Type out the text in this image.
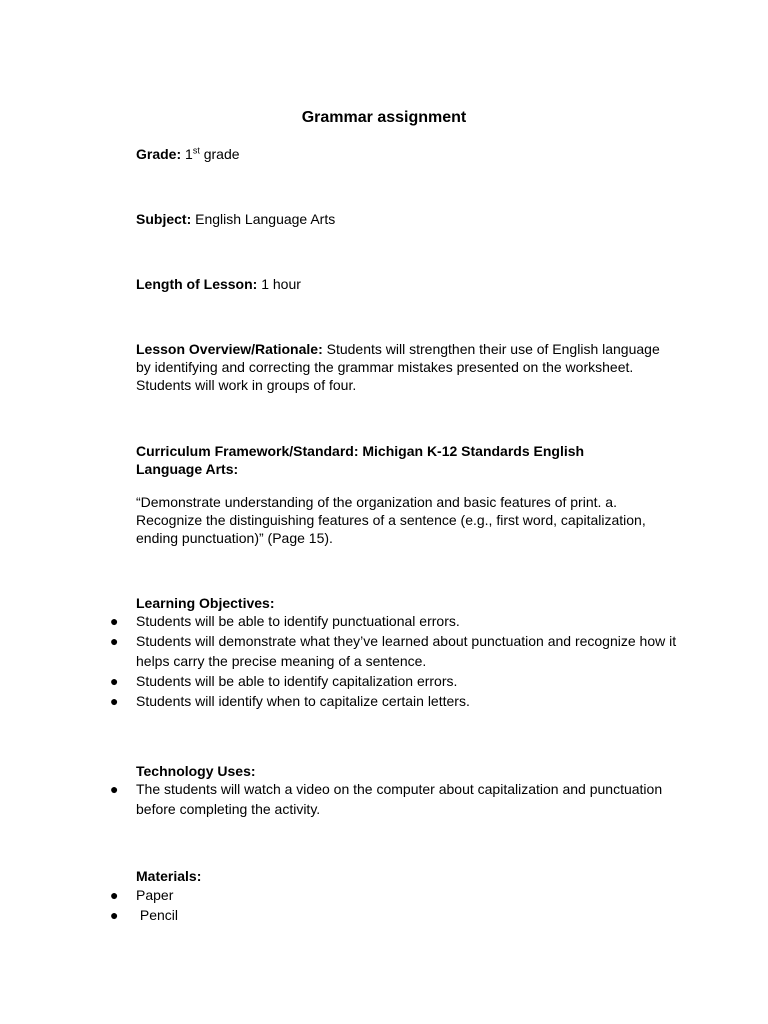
Grammar assignment
Grade: 1st grade
Subject: English Language Arts
Length of Lesson: 1 hour
Lesson Overview/Rationale: Students will strengthen their use of English language by identifying and correcting the grammar mistakes presented on the worksheet. Students will work in groups of four.
Curriculum Framework/Standard: Michigan K-12 Standards English Language Arts:
“Demonstrate understanding of the organization and basic features of print. a. Recognize the distinguishing features of a sentence (e.g., first word, capitalization, ending punctuation)” (Page 15).
Learning Objectives:
● Students will be able to identify punctuational errors.
● Students will demonstrate what they’ve learned about punctuation and recognize how it helps carry the precise meaning of a sentence.
● Students will be able to identify capitalization errors.
● Students will identify when to capitalize certain letters.
Technology Uses:
● The students will watch a video on the computer about capitalization and punctuation before completing the activity.
Materials:
● Paper
● Pencil
